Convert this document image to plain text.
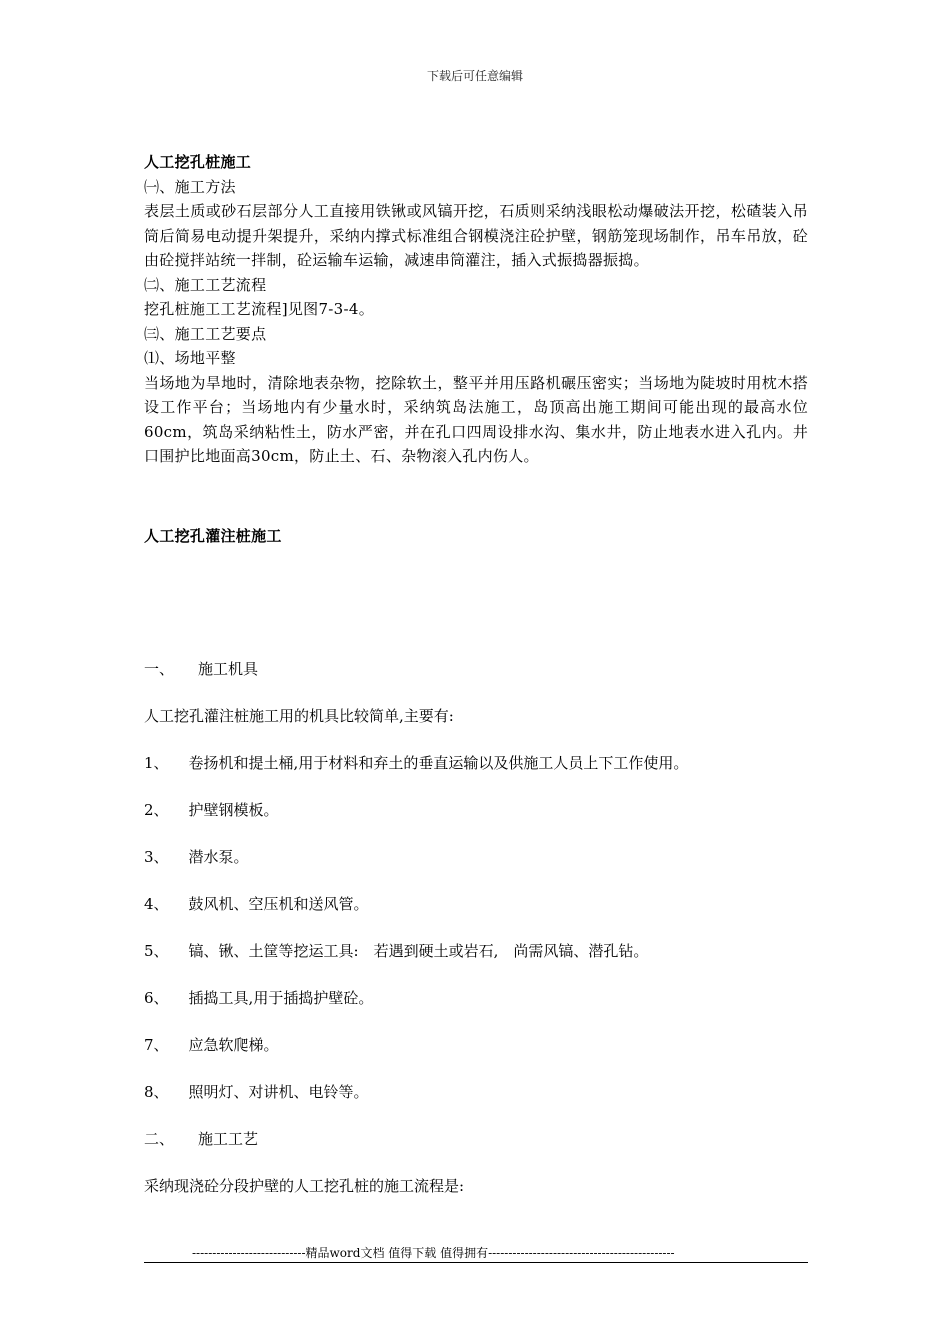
下载后可任意编辑

人工挖孔桩施工

㈠、施工方法

表层土质或砂石层部分人工直接用铁锹或风镐开挖，石质则采纳浅眼松动爆破法开挖，松碴装入吊筒后简易电动提升架提升，采纳内撑式标准组合钢模浇注砼护壁，钢筋笼现场制作，吊车吊放，砼由砼搅拌站统一拌制，砼运输车运输，减速串筒灌注，插入式振捣器振捣。

㈡、施工工艺流程

挖孔桩施工工艺流程]见图7-3-4。

㈢、施工工艺要点

⑴、场地平整

当场地为旱地时，清除地表杂物，挖除软土，整平并用压路机碾压密实；当场地为陡坡时用枕木搭设工作平台；当场地内有少量水时，采纳筑岛法施工，岛顶高出施工期间可能出现的最高水位60cm，筑岛采纳粘性土，防水严密，并在孔口四周设排水沟、集水井，防止地表水进入孔内。井口围护比地面高30cm，防止土、石、杂物滚入孔内伤人。

人工挖孔灌注桩施工

一、 施工机具

人工挖孔灌注桩施工用的机具比较简单,主要有:

1、 卷扬机和提土桶,用于材料和弃土的垂直运输以及供施工人员上下工作使用。

2、 护壁钢模板。

3、 潜水泵。

4、 鼓风机、空压机和送风管。

5、 镐、锹、土筐等挖运工具:　若遇到硬土或岩石,　尚需风镐、潜孔钻。

6、 插捣工具,用于插捣护壁砼。

7、 应急软爬梯。

8、 照明灯、对讲机、电铃等。

二、 施工工艺

采纳现浇砼分段护壁的人工挖孔桩的施工流程是:

----------------------------精品word文档 值得下载 值得拥有----------------------------------------------
